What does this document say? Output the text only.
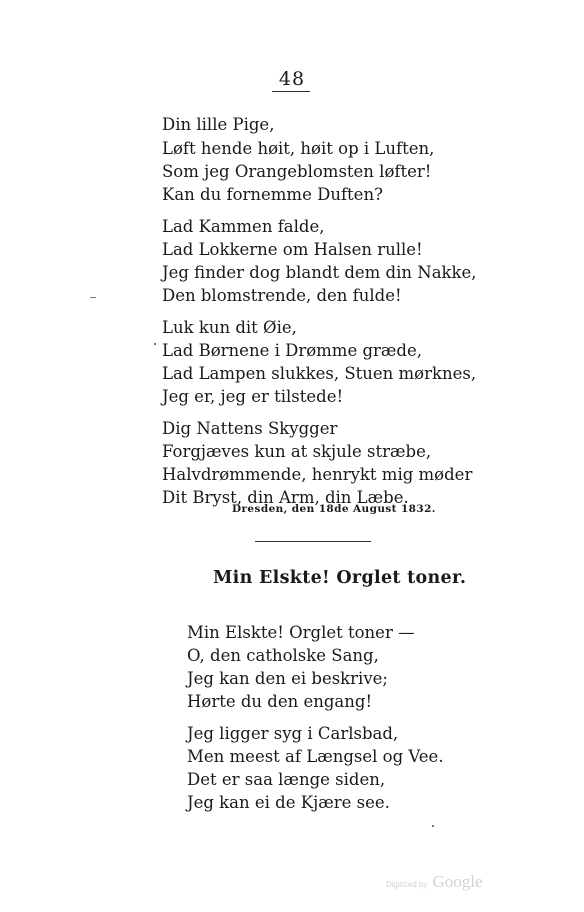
48
Din lille Pige,
Løft hende høit, høit op i Luften,
Som jeg Orangeblomsten løfter!
Kan du fornemme Duften?
Lad Kammen falde,
Lad Lokkerne om Halsen rulle!
Jeg finder dog blandt dem din Nakke,
Den blomstrende, den fulde!
Luk kun dit Øie,
Lad Børnene i Drømme græde,
Lad Lampen slukkes, Stuen mørknes,
Jeg er, jeg er tilstede!
Dig Nattens Skygger
Forgjæves kun at skjule stræbe,
Halvdrømmende, henrykt mig møder
Dit Bryst, din Arm, din Læbe.
Dresden, den 18de August 1832.
Min Elskte! Orglet toner.
Min Elskte! Orglet toner —
O, den catholske Sang,
Jeg kan den ei beskrive;
Hørte du den engang!
Jeg ligger syg i Carlsbad,
Men meest af Længsel og Vee.
Det er saa længe siden,
Jeg kan ei de Kjære see.
Digitized by Google
